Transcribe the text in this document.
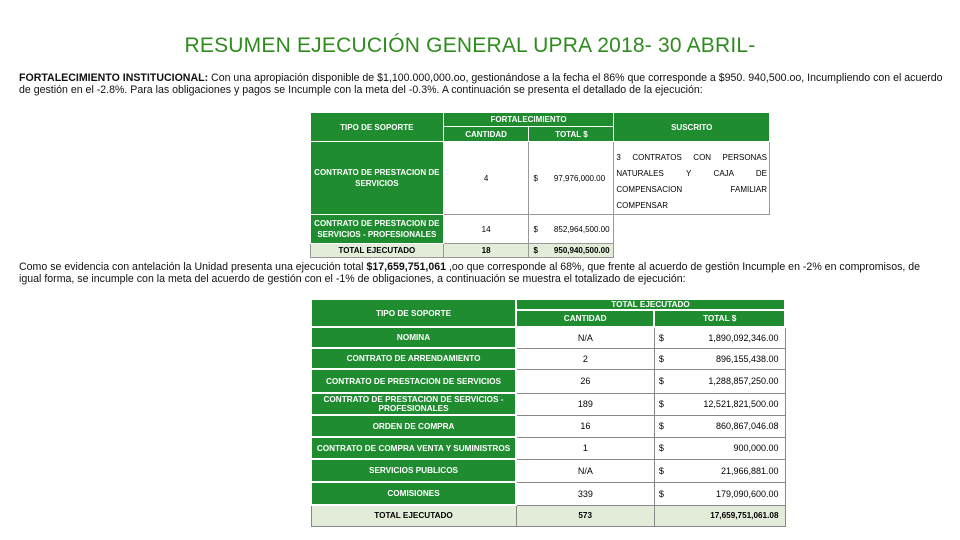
RESUMEN EJECUCIÓN GENERAL UPRA 2018- 30 ABRIL-
FORTALECIMIENTO INSTITUCIONAL: Con una apropiación disponible de $1,100.000,000.oo, gestionándose a la fecha el 86% que corresponde a $950. 940,500.oo, Incumpliendo con el acuerdo de gestión en el -2.8%. Para las obligaciones y pagos se Incumple con la meta del -0.3%. A continuación se presenta el detallado de la ejecución:
TIPO DE SOPORTE	FORTALECIMIENTO		SUSCRITO
	CANTIDAD	TOTAL $	
CONTRATO DE PRESTACION DE SERVICIOS	4	$ 97,976,000.00	3 CONTRATOS CON PERSONAS NATURALES Y CAJA DE COMPENSACION FAMILIAR COMPENSAR
CONTRATO DE PRESTACION DE SERVICIOS - PROFESIONALES	14	$ 852,964,500.00	
TOTAL EJECUTADO	18	$ 950,940,500.00	
Como se evidencia con antelación la Unidad presenta una ejecución total $17,659,751,061 ,oo que corresponde al 68%, que frente al acuerdo de gestión Incumple en -2% en compromisos, de igual forma, se incumple con la meta del acuerdo de gestión con el -1% de obligaciones, a continuación se muestra el totalizado de ejecución:
TIPO DE SOPORTE	TOTAL EJECUTADO	
	CANTIDAD	TOTAL $
NOMINA	N/A	$ 1,890,092,346.00

CONTRATO DE ARRENDAMIENTO	2	$ 896,155,438.00

CONTRATO DE PRESTACION DE SERVICIOS	26	$ 1,288,857,250.00

CONTRATO DE PRESTACION DE SERVICIOS - PROFESIONALES	189	$ 12,521,821,500.00

ORDEN DE COMPRA	16	$ 860,867,046.08

CONTRATO DE COMPRA VENTA Y SUMINISTROS	1	$ 900,000.00

SERVICIOS PUBLICOS	N/A	$ 21,966,881.00

COMISIONES	339	$ 179,090,600.00

TOTAL EJECUTADO	573	17,659,751,061.08
